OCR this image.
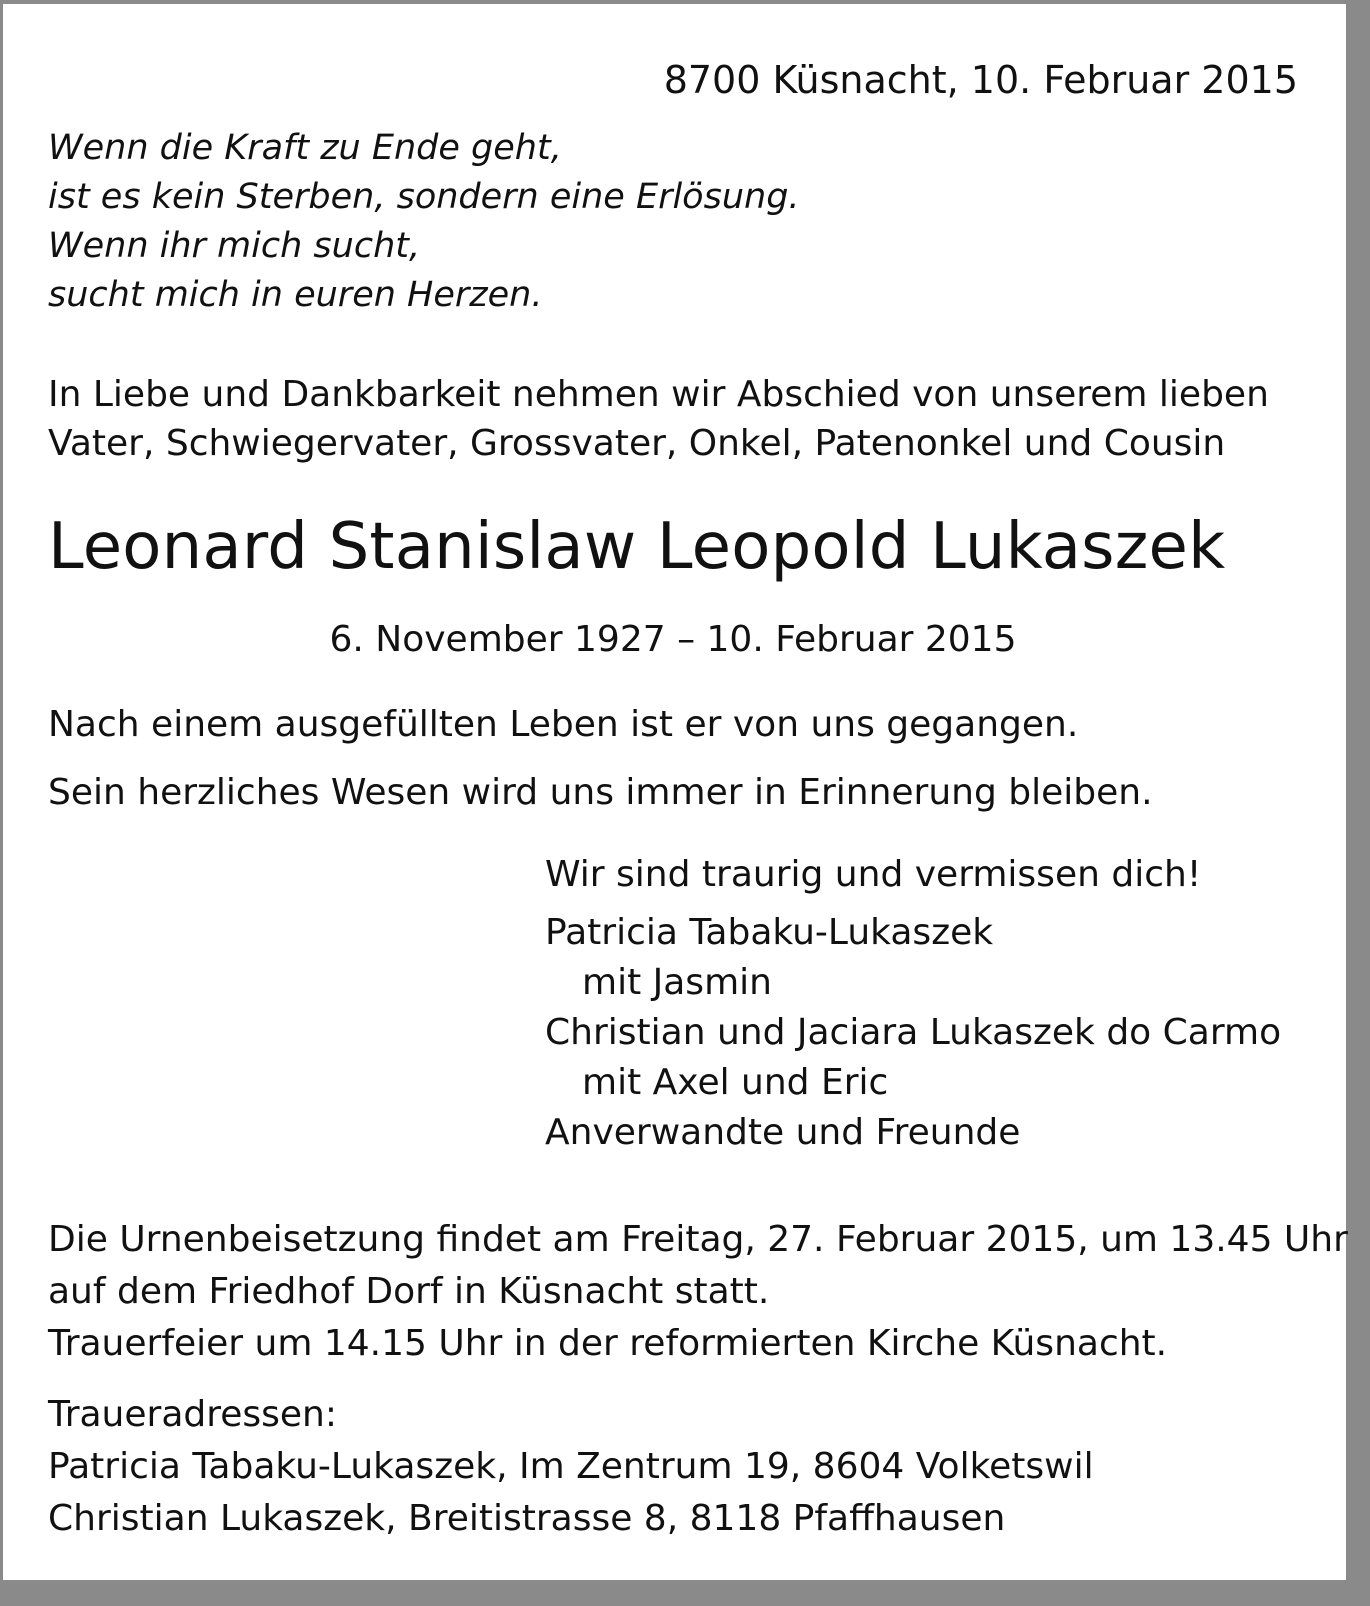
8700 Küsnacht, 10. Februar 2015

Wenn die Kraft zu Ende geht,
ist es kein Sterben, sondern eine Erlösung.
Wenn ihr mich sucht,
sucht mich in euren Herzen.
In Liebe und Dankbarkeit nehmen wir Abschied von unserem lieben
Vater, Schwiegervater, Grossvater, Onkel, Patenonkel und Cousin
Leonard Stanislaw Leopold Lukaszek

6. November 1927 – 10. Februar 2015

Nach einem ausgefüllten Leben ist er von uns gegangen.

Sein herzliches Wesen wird uns immer in Erinnerung bleiben.

Wir sind traurig und vermissen dich!

Patricia Tabaku-Lukaszek
mit Jasmin
Christian und Jaciara Lukaszek do Carmo
mit Axel und Eric
Anverwandte und Freunde
Die Urnenbeisetzung findet am Freitag, 27. Februar 2015, um 13.45 Uhr
auf dem Friedhof Dorf in Küsnacht statt.
Trauerfeier um 14.15 Uhr in der reformierten Kirche Küsnacht.
Traueradressen:
Patricia Tabaku-Lukaszek, Im Zentrum 19, 8604 Volketswil
Christian Lukaszek, Breitistrasse 8, 8118 Pfaffhausen
